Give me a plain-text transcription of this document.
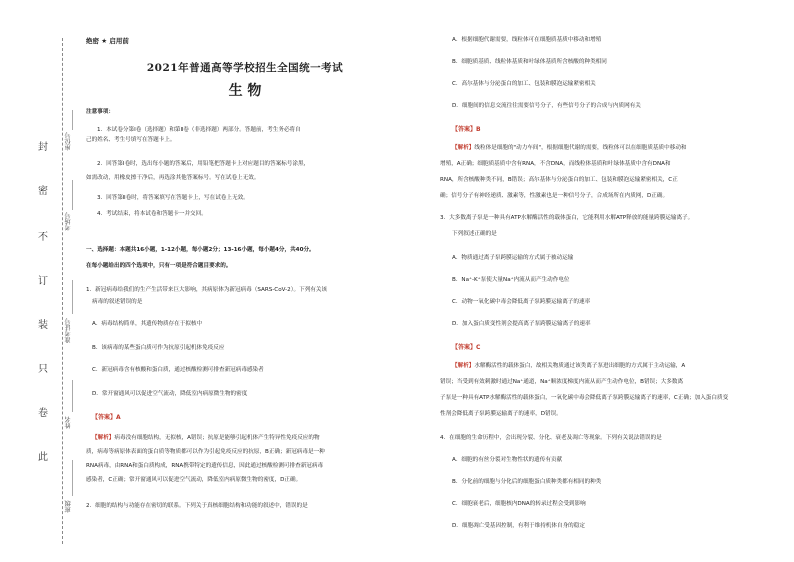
封
密
不
订
装
只
卷
此
座位号
考场号
准考证号
姓名
班级
绝密 ★ 启用前
2021年普通高等学校招生全国统一考试
生 物
注意事项：
1．本试卷分第Ⅰ卷（选择题）和第Ⅱ卷（非选择题）两部分。答题前，考生务必将自
己的姓名、考生号填写在答题卡上。
2．回答第Ⅰ卷时，选出每小题的答案后，用铅笔把答题卡上对应题目的答案标号涂黑，
如需改动，用橡皮擦干净后，再选涂其他答案标号。写在试卷上无效。
3．回答第Ⅱ卷时，将答案填写在答题卡上，写在试卷上无效。
4．考试结束，将本试卷和答题卡一并交回。
一、选择题：本题共16小题，1-12小题，每小题2分；13-16小题，每小题4分，共40分。
在每小题给出的四个选项中，只有一项是符合题目要求的。
1．新冠病毒给我们的生产生活带来巨大影响，其病原体为新冠病毒（SARS-CoV-2）。下列有关该
病毒的叙述错误的是
A．病毒结构简单，其遗传物质存在于拟核中
B．该病毒的某些蛋白质可作为抗原引起机体免疫反应
C．新冠病毒含有核酸和蛋白质，通过核酸检测可排查新冠病毒感染者
D．常开窗通风可以促进空气流动，降低室内病原微生物的密度
【答案】A
【解析】病毒没有细胞结构，无拟核，A错误；抗原是能够引起机体产生特异性免疫反应的物
质，病毒等病原体表面的蛋白质等物质都可以作为引起免疫反应的抗原，B正确；新冠病毒是一种
RNA病毒，由RNA和蛋白质构成，RNA携带特定的遗传信息，因此通过核酸检测可排查新冠病毒
感染者，C正确；常开窗通风可以促进空气流动，降低室内病原微生物的密度，D正确。
2．细胞的结构与功能存在密切的联系。下列关于真核细胞结构和功能的叙述中，错误的是
A．根据细胞代谢需要，线粒体可在细胞质基质中移动和增殖
B．细胞质基质、线粒体基质和叶绿体基质所含核酸的种类相同
C．高尔基体与分泌蛋白的加工、包装和膜泡运输紧密相关
D．细胞间的信息交流往往需要信号分子，有些信号分子的合成与内质网有关
【答案】B
【解析】线粒体是细胞的"动力车间"，根据细胞代谢的需要，线粒体可以在细胞质基质中移动和
增殖，A正确；细胞质基质中含有RNA，不含DNA，而线粒体基质和叶绿体基质中含有DNA和
RNA，所含核酸种类不同，B错误；高尔基体与分泌蛋白的加工、包装和膜泡运输紧密相关，C正
确；信号分子有神经递质、激素等，性激素也是一种信号分子，合成场所在内质网，D正确。
3．大多数离子泵是一种具有ATP水解酶活性的载体蛋白，它能利用水解ATP释放的能量跨膜运输离子。
下列叙述正确的是
A．物质通过离子泵跨膜运输的方式属于被动运输
B．Na⁺-K⁺泵使大量Na⁺内流从而产生动作电位
C．动物一氧化碳中毒会降低离子泵跨膜运输离子的速率
D．加入蛋白质变性剂会提高离子泵跨膜运输离子的速率
【答案】C
【解析】水解酶活性的载体蛋白，故相关物质通过该类离子泵进出细胞的方式属于主动运输，A
错误；当受到有效刺激时通过Na⁺通道，Na⁺顺浓度梯度内流从而产生动作电位，B错误；大多数离
子泵是一种具有ATP水解酶活性的载体蛋白，一氧化碳中毒会降低离子泵跨膜运输离子的速率，C正确；加入蛋白质变
性剂会降低离子泵跨膜运输离子的速率，D错误。
4．在细胞的生命历程中，会出现分裂、分化、衰老及凋亡等现象。下列有关说法错误的是
A．细胞的有丝分裂对生物性状的遗传有贡献
B．分化前的细胞与分化后的细胞蛋白质种类都有相同的种类
C．细胞衰老后，细胞核内DNA的转录过程会受到影响
D．细胞凋亡受基因控制，有利于维持机体自身的稳定
